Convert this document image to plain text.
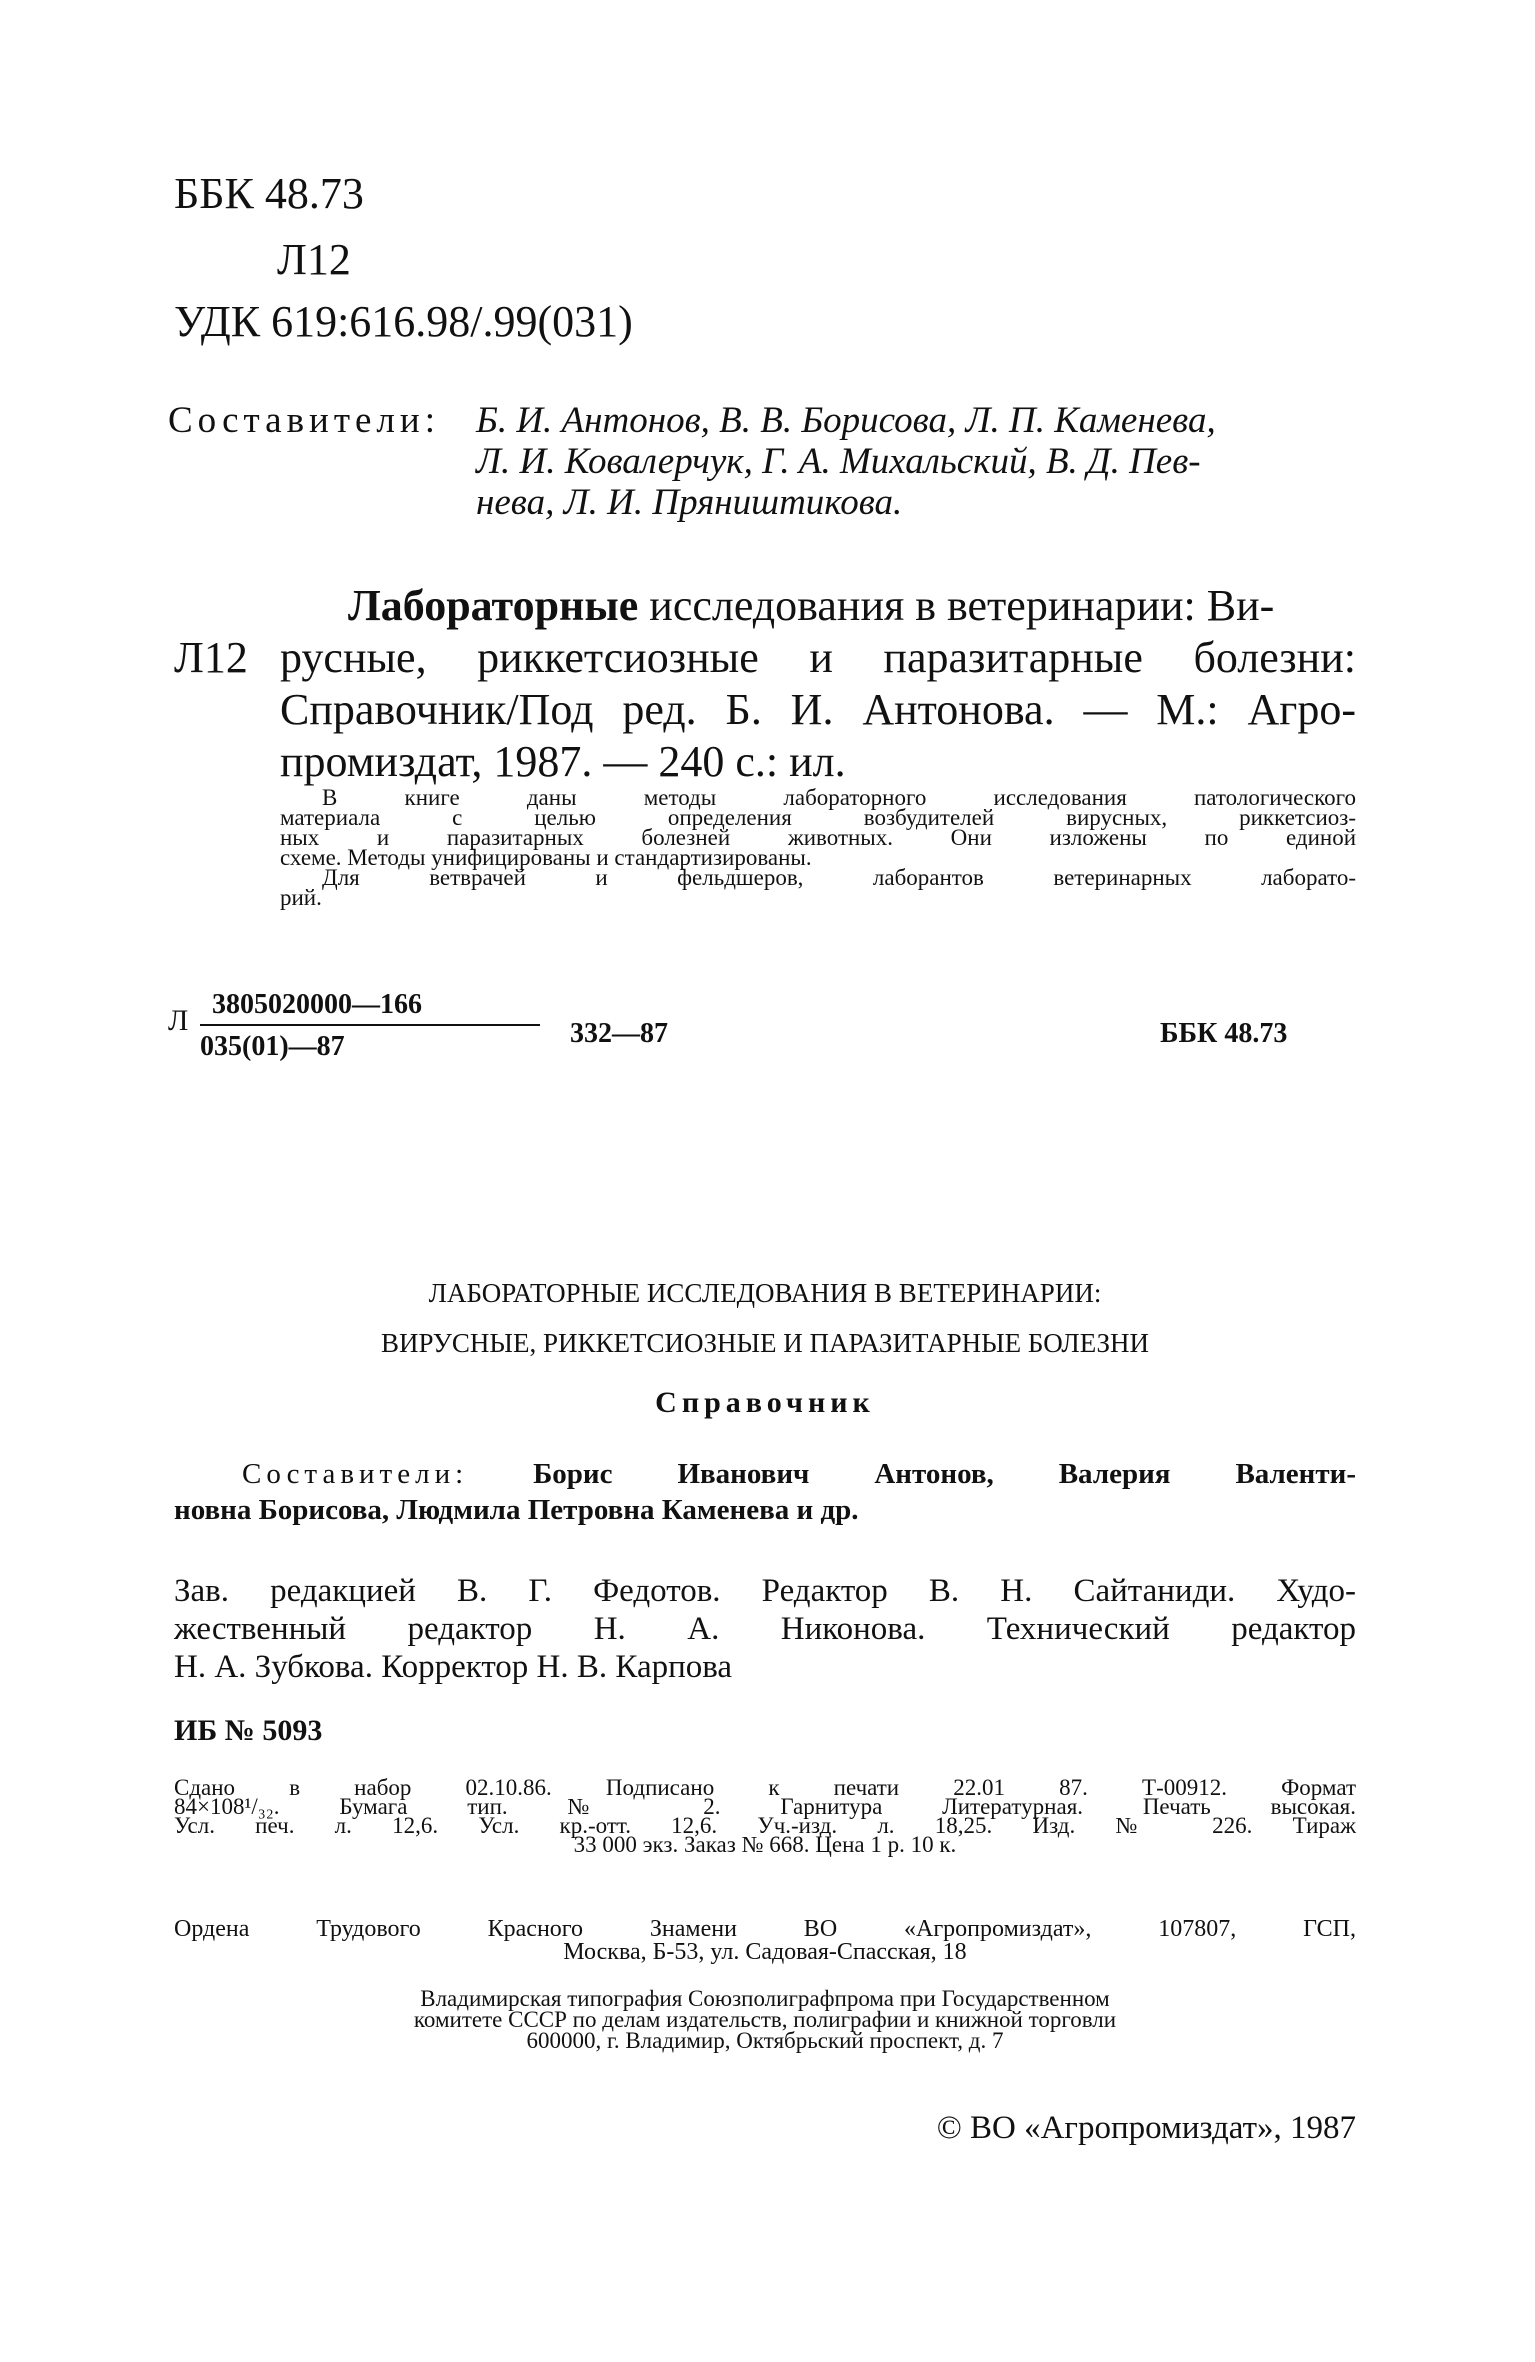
ББК 48.73
Л12
УДК 619:616.98/.99(031)
Составители: Б. И. Антонов, В. В. Борисова, Л. П. Каменева,
Л. И. Ковалерчук, Г. А. Михальский, В. Д. Пев-
нева, Л. И. Пряништикова.
Л12
Лабораторные исследования в ветеринарии: Ви-
русные, риккетсиозные и паразитарные болезни:
Справочник/Под ред. Б. И. Антонова. — М.: Агро-
промиздат, 1987. — 240 с.: ил.
В книге даны методы лабораторного исследования патологического
материала с целью определения возбудителей вирусных, риккетсиоз-
ных и паразитарных болезней животных. Они изложены по единой
схеме. Методы унифицированы и стандартизированы.
Для ветврачей и фельдшеров, лаборантов ветеринарных лаборато-
рий.
Л $\frac{3805020000—166}{035(01)—87}$ 332—87	ББК 48.73
ЛАБОРАТОРНЫЕ ИССЛЕДОВАНИЯ В ВЕТЕРИНАРИИ:
ВИРУСНЫЕ, РИККЕТСИОЗНЫЕ И ПАРАЗИТАРНЫЕ БОЛЕЗНИ
Справочник
Составители: Борис Иванович Антонов, Валерия Валенти-
новна Борисова, Людмила Петровна Каменева и др.
Зав. редакцией В. Г. Федотов. Редактор В. Н. Сайтаниди. Худо-
жественный редактор Н. А. Никонова. Технический редактор
Н. А. Зубкова. Корректор Н. В. Карпова
ИБ № 5093
Сдано в набор 02.10.86. Подписано к печати 22.01 87. Т-00912. Формат
84×108¹/₃₂. Бумага тип. № 2. Гарнитура Литературная. Печать высокая.
Усл. печ. л. 12,6. Усл. кр.-отт. 12,6. Уч.-изд. л. 18,25. Изд. № 226. Тираж
33 000 экз. Заказ № 668. Цена 1 р. 10 к.
Ордена Трудового Красного Знамени ВО «Агропромиздат», 107807, ГСП,
Москва, Б-53, ул. Садовая-Спасская, 18
Владимирская типография Союзполиграфпрома при Государственном
комитете СССР по делам издательств, полиграфии и книжной торговли
600000, г. Владимир, Октябрьский проспект, д. 7
© ВО «Агропромиздат», 1987
